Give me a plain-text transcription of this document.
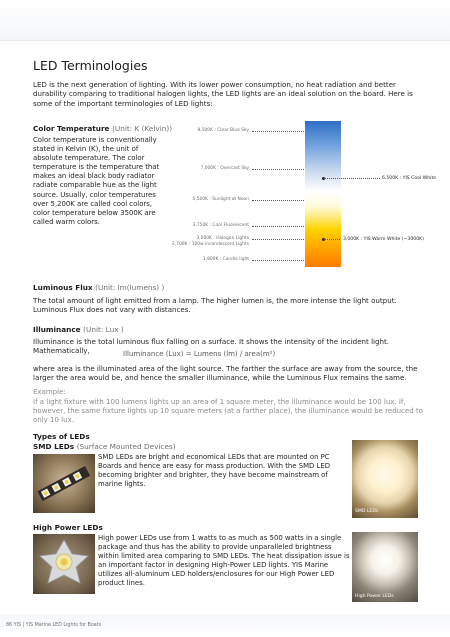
LED Terminologies
LED is the next generation of lighting. With its lower power consumption, no heat radiation and better durability comparing to traditional halogen lights, the LED lights are an ideal solution on the board. Here is some of the important terminologies of LED lights:
Color Temperature (Unit: K (Kelvin))
Color temperature is conventionally stated in Kelvin (K), the unit of absolute temperature. The color temperature is the temperature that makes an ideal black body radiator radiate comparable hue as the light source. Usually, color temperatures over 5,200K are called cool colors, color temperature below 3500K are called warm colors.
9,500K : Clear Blue Sky
7,000K : Overcast Sky
5,500K : Sunlight at Noon
3,750K : Cool Fluorescent
3,000K : Halogen Lights
2,700K : 100w incandescent Lights
1,800K : Candle light
6,500K : YIS Cool White
3,000K : YIS Warm White (~3000K)
Luminous Flux (Unit: lm(lumens) )
The total amount of light emitted from a lamp. The higher lumen is, the more intense the light output. Luminous Flux does not vary with distances.
Illuminance (Unit: Lux )
Illuminance is the total luminous flux falling on a surface. It shows the intensity of the incident light. Mathematically,	Illuminance (Lux) = Lumens (lm) / area(m²)
where area is the illuminated area of the light source. The farther the surface are away from the source, the larger the area would be, and hence the smaller illuminance, while the Luminous Flux remains the same.
Example:
If a light fixture with 100 lumens lights up an area of 1 square meter, the illuminance would be 100 lux. If, however, the same fixture lights up 10 square meters (at a farther place), the illuminance would be reduced to only 10 lux.
Types of LEDs
SMD LEDs (Surface Mounted Devices)
SMD LEDs are bright and economical LEDs that are mounted on PC Boards and hence are easy for mass production. With the SMD LED becoming brighter and brighter, they have become mainstream of marine lights.
SMD LEDs
High Power LEDs
High power LEDs use from 1 watts to as much as 500 watts in a single package and thus has the ability to provide unparalleled brightness within limited area comparing to SMD LEDs. The heat dissipation issue is an important factor in designing High-Power LED lights. YIS Marine utilizes all-aluminum LED holders/enclosures for our High Power LED product lines.
High Power LEDs
86 YIS | YIS Marine LED Lights for Boats
